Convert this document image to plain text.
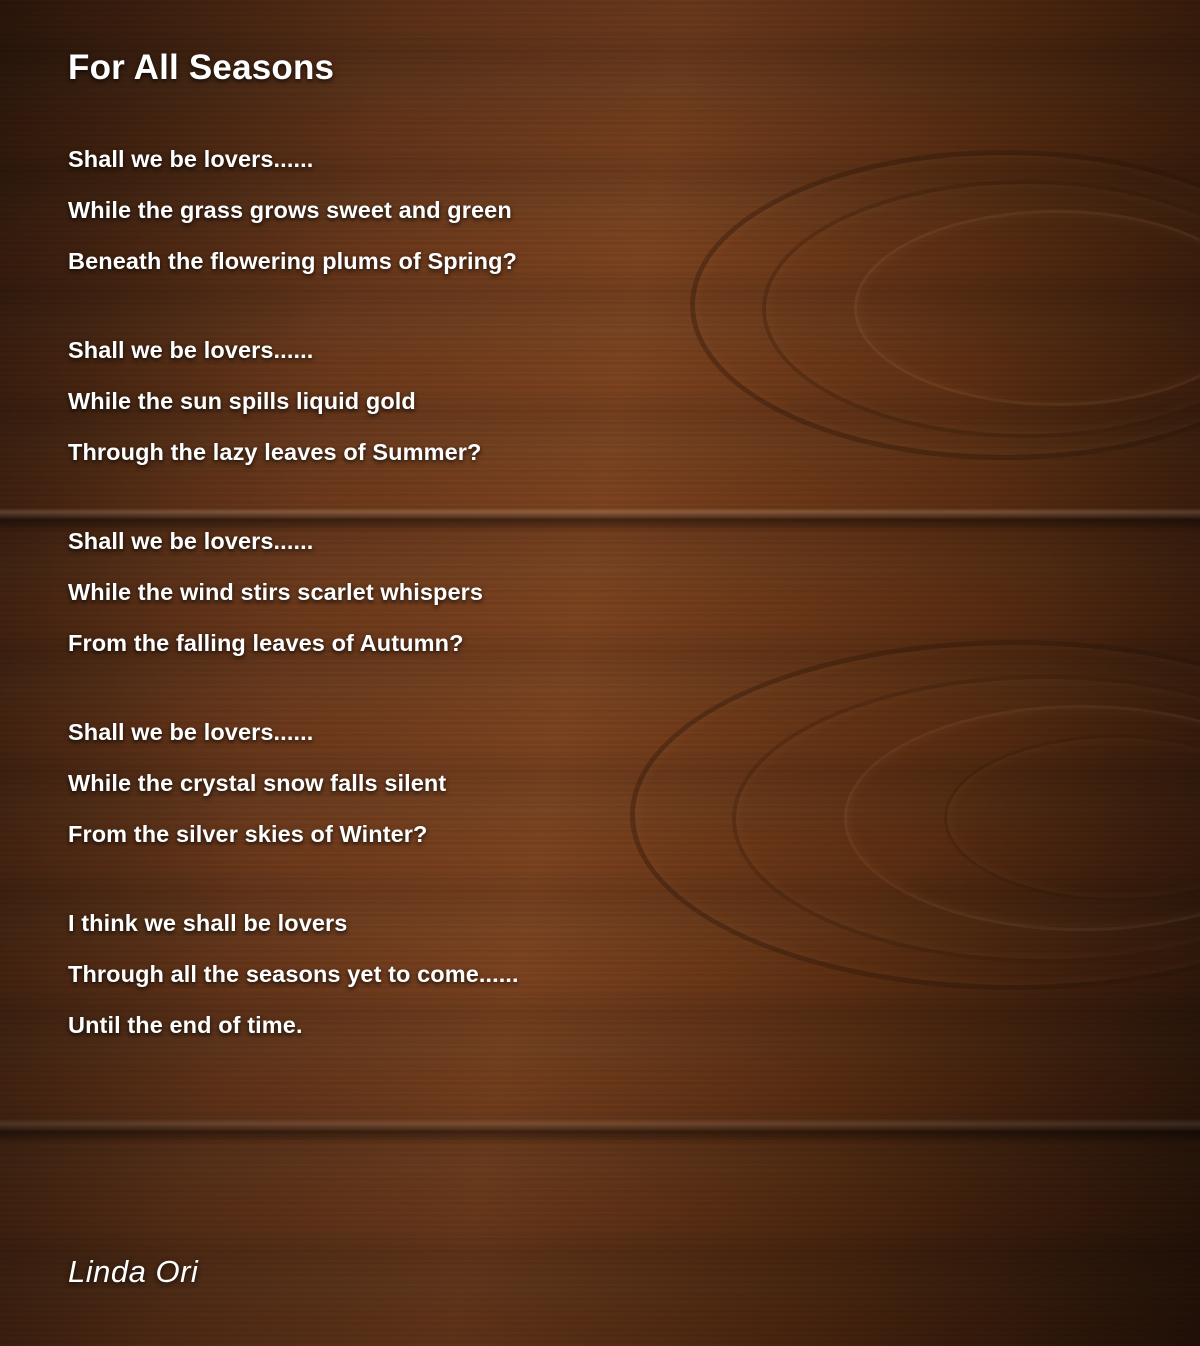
For All Seasons
Shall we be lovers......
While the grass grows sweet and green
Beneath the flowering plums of Spring?
Shall we be lovers......
While the sun spills liquid gold
Through the lazy leaves of Summer?
Shall we be lovers......
While the wind stirs scarlet whispers
From the falling leaves of Autumn?
Shall we be lovers......
While the crystal snow falls silent
From the silver skies of Winter?
I think we shall be lovers
Through all the seasons yet to come......
Until the end of time.
Linda Ori
